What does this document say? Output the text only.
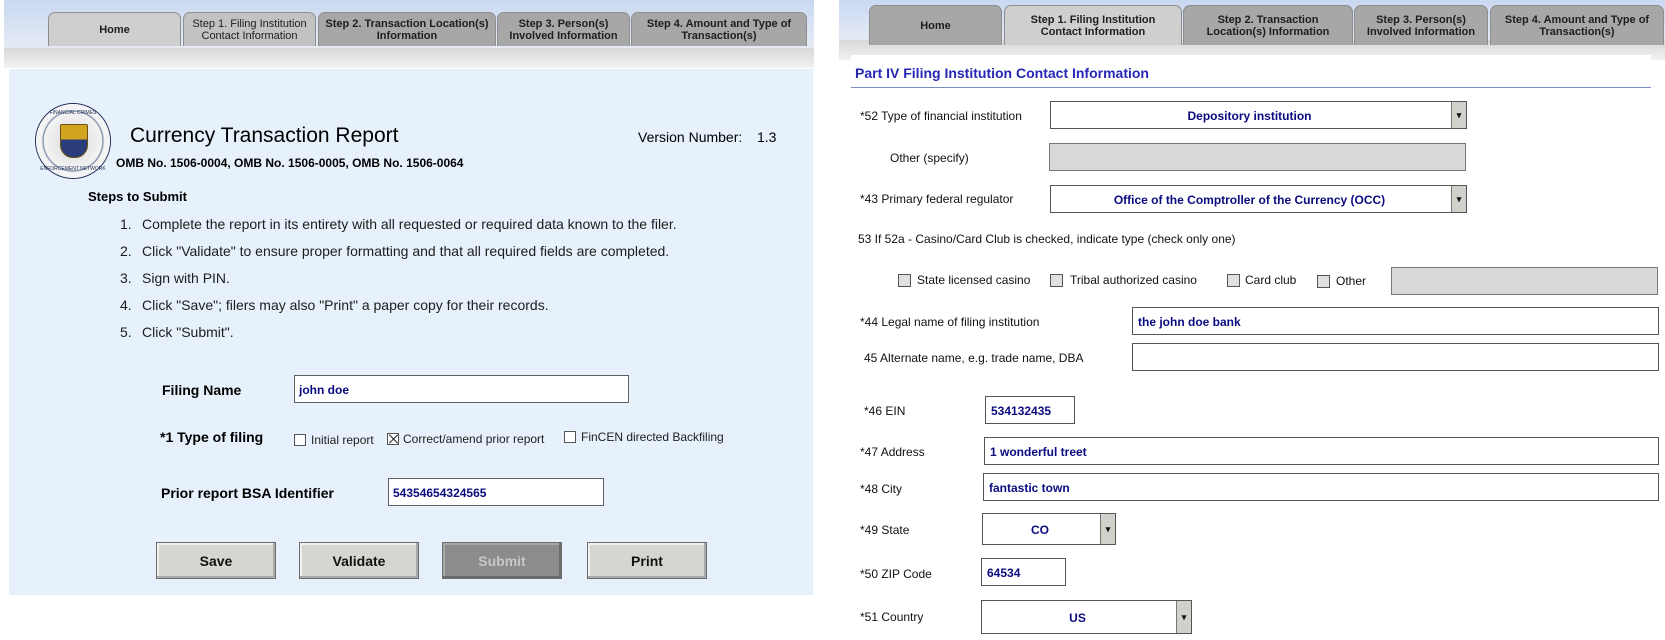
Home	Step 1. Filing Institution Contact Information
Step 2. Transaction Location(s) Information
Step 3. Person(s) Involved Information
Step 4. Amount and Type of Transaction(s)
FINANCIAL CRIMES
ENFORCEMENT NETWORK
Currency Transaction Report	Version Number: 1.3
OMB No. 1506-0004, OMB No. 1506-0005, OMB No. 1506-0064
Steps to Submit
1. Complete the report in its entirety with all requested or required data known to the filer.
2. Click "Validate" to ensure proper formatting and that all required fields are completed.
3. Sign with PIN.
4. Click "Save"; filers may also "Print" a paper copy for their records.
5. Click "Submit".
Filing Name	john doe
*1 Type of filing	Initial report Correct/amend prior report	FinCEN directed Backfiling
Prior report BSA Identifier	54354654324565
Save	Validate	Submit	Print
Home	Step 1. Filing Institution Contact Information
Step 2. Transaction Location(s) Information
Step 3. Person(s) Involved Information
Step 4. Amount and Type of Transaction(s)
Part IV Filing Institution Contact Information
*52 Type of financial institution	Depository institution	▾
Other (specify)
*43 Primary federal regulator	Office of the Comptroller of the Currency (OCC)	▾
53 If 52a - Casino/Card Club is checked, indicate type (check only one)
State licensed casino	Tribal authorized casino	Card club	Other
*44 Legal name of filing institution	the john doe bank
45 Alternate name, e.g. trade name, DBA
*46 EIN	534132435
*47 Address	1 wonderful treet
*48 City	fantastic town
*49 State	CO	▾
*50 ZIP Code	64534
*51 Country	US	▾
